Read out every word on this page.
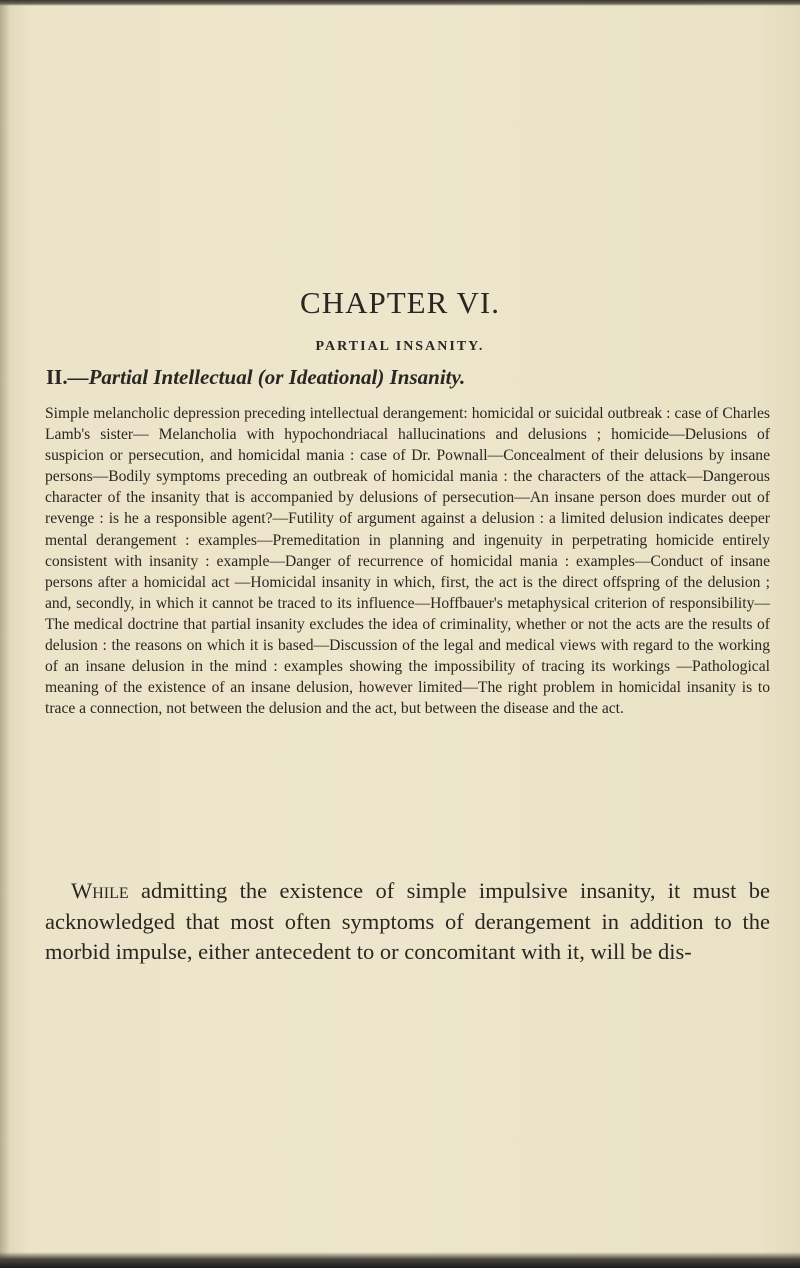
CHAPTER VI.
PARTIAL INSANITY.
II.—Partial Intellectual (or Ideational) Insanity.

Simple melancholic depression preceding intellectual derangement: homicidal or suicidal outbreak : case of Charles Lamb's sister— Melancholia with hypochondriacal hallucinations and delusions ; homicide—Delusions of suspicion or persecution, and homicidal mania : case of Dr. Pownall—Concealment of their delusions by insane persons—Bodily symptoms preceding an outbreak of homicidal mania : the characters of the attack—Dangerous character of the insanity that is accompanied by delusions of persecution—An insane person does murder out of revenge : is he a responsible agent?—Futility of argument against a delusion : a limited delusion indicates deeper mental derangement : examples—Premeditation in planning and ingenuity in perpetrating homicide entirely consistent with insanity : example—Danger of recurrence of homicidal mania : examples—Conduct of insane persons after a homicidal act —Homicidal insanity in which, first, the act is the direct offspring of the delusion ; and, secondly, in which it cannot be traced to its influence—Hoffbauer's metaphysical criterion of responsibility— The medical doctrine that partial insanity excludes the idea of criminality, whether or not the acts are the results of delusion : the reasons on which it is based—Discussion of the legal and medical views with regard to the working of an insane delusion in the mind : examples showing the impossibility of tracing its workings —Pathological meaning of the existence of an insane delusion, however limited—The right problem in homicidal insanity is to trace a connection, not between the delusion and the act, but between the disease and the act.

While admitting the existence of simple impulsive insanity, it must be acknowledged that most often symptoms of derangement in addition to the morbid impulse, either antecedent to or concomitant with it, will be dis-
